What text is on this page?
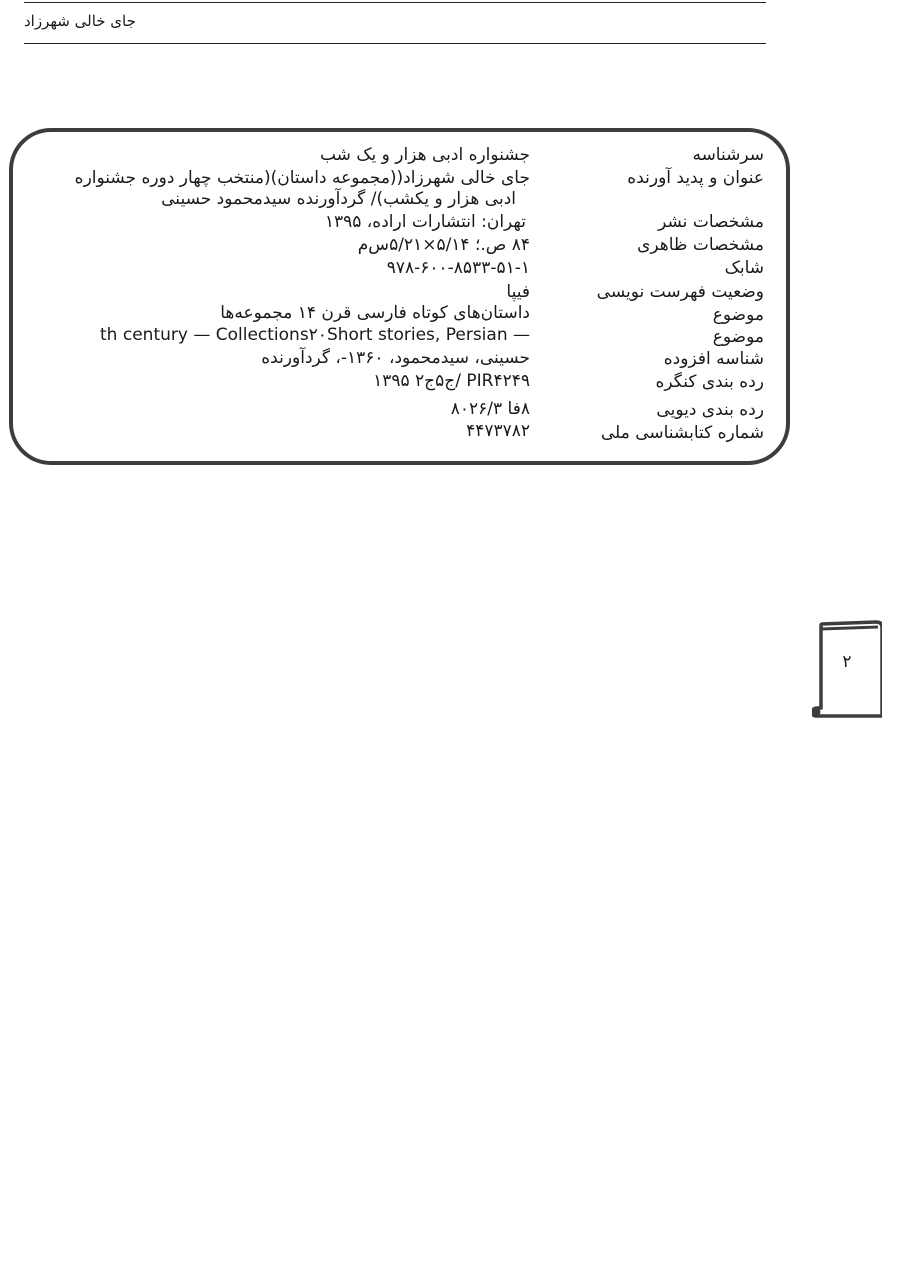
جای خالی شهرزاد
سرشناسه
عنوان و پدید آورنده
مشخصات نشر
مشخصات ظاهری
شابک
وضعیت فهرست نویسی
موضوع
موضوع
شناسه افزوده
رده بندی کنگره
رده بندی دیویی
شماره کتابشناسی ملی
جشنواره ادبی هزار و یک شب
جای خالی شهرزاد((مجموعه داستان)(منتخب چهار دوره جشنواره
ادبی هزار و یکشب)/ گردآورنده سیدمحمود حسینی
تهران: انتشارات اراده، ۱۳۹۵
۸۴ ص.؛ ۵/۱۴×۵/۲۱س‌م
۹۷۸-۶۰۰-۸۵۳۳-۵۱-۱
فیپا
داستان‌های کوتاه فارسی قرن ۱۴ مجموعه‌ها
th century — Collections۲۰Short stories, Persian —
حسینی، سیدمحمود، ۱۳۶۰-، گردآورنده
PIR۴۲۴۹ /ج۵ج۲ ۱۳۹۵
۸فا ۸۰۲۶/۳
۴۴۷۳۷۸۲
۲
